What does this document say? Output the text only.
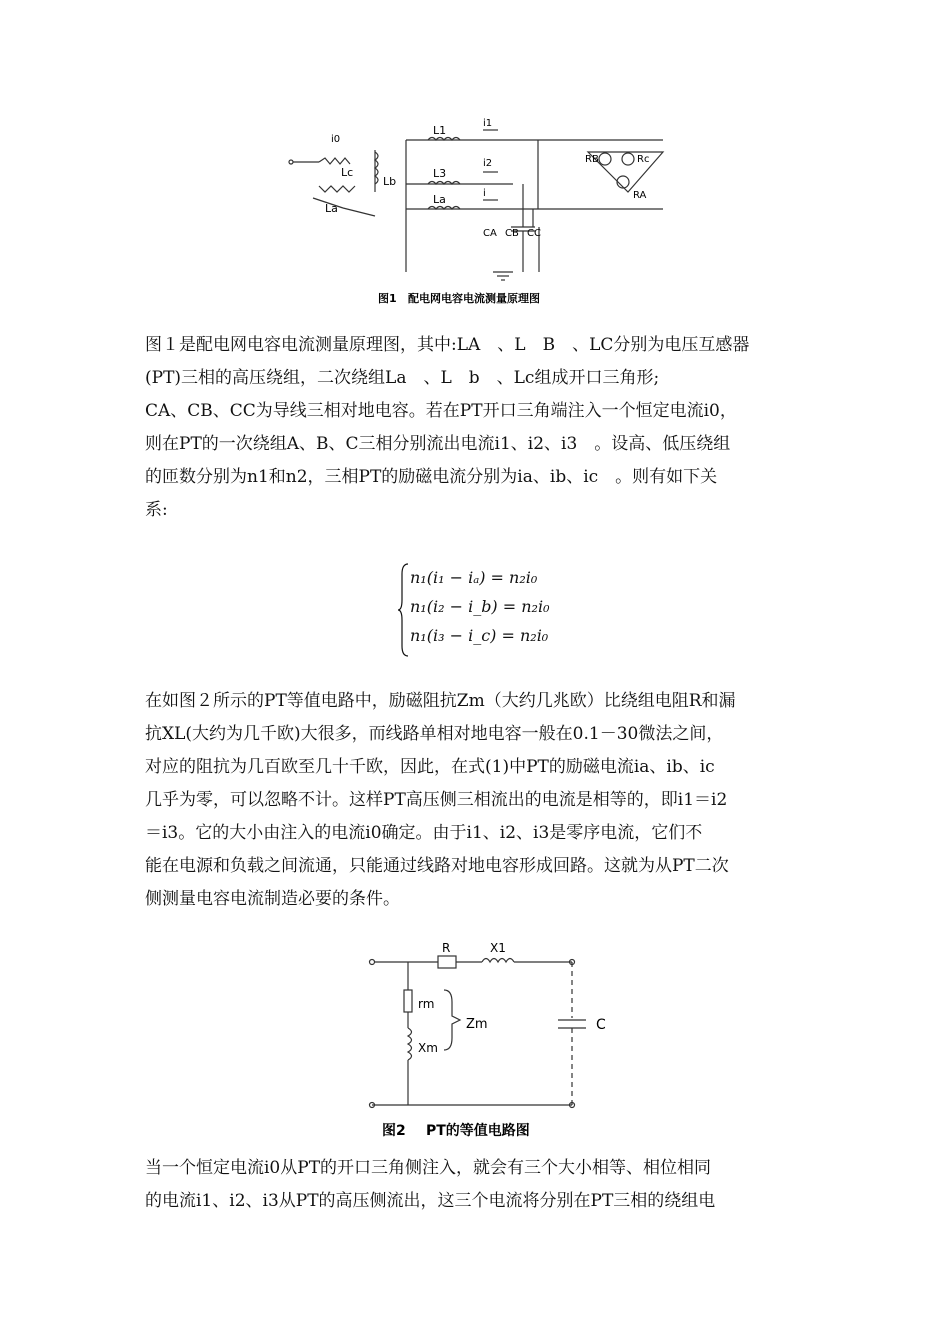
i0
Lc
Lb
La
L1
L3
La
i1
i2
i
CA CB CC
RB	Rc
RA
图1 配电网电容电流测量原理图
图１是配电网电容电流测量原理图，其中:LA　、L　B　、LC分别为电压互感器
(PT)三相的高压绕组，二次绕组La　、L　b　、Lc组成开口三角形;
CA、CB、CC为导线三相对地电容。若在PT开口三角端注入一个恒定电流i0，
则在PT的一次绕组A、B、C三相分别流出电流i1、i2、i3　。设高、低压绕组
的匝数分别为n1和n2，三相PT的励磁电流分别为ia、ib、ic　。则有如下关
系:
n₁(i₁ − iₐ) = n₂i₀
n₁(i₂ − i_b) = n₂i₀
n₁(i₃ − i_c) = n₂i₀
在如图２所示的PT等值电路中，励磁阻抗Zm（大约几兆欧）比绕组电阻R和漏
抗XL(大约为几千欧)大很多，而线路单相对地电容一般在0.1－30微法之间，
对应的阻抗为几百欧至几十千欧，因此，在式(1)中PT的励磁电流ia、ib、ic
几乎为零，可以忽略不计。这样PT高压侧三相流出的电流是相等的，即i1＝i2
＝i3。它的大小由注入的电流i0确定。由于i1、i2、i3是零序电流，它们不
能在电源和负载之间流通，只能通过线路对地电容形成回路。这就为从PT二次
侧测量电容电流制造必要的条件。
R	X1
rm
Xm
Zm	C
图2 PT的等值电路图
当一个恒定电流i0从PT的开口三角侧注入，就会有三个大小相等、相位相同
的电流i1、i2、i3从PT的高压侧流出，这三个电流将分别在PT三相的绕组电
